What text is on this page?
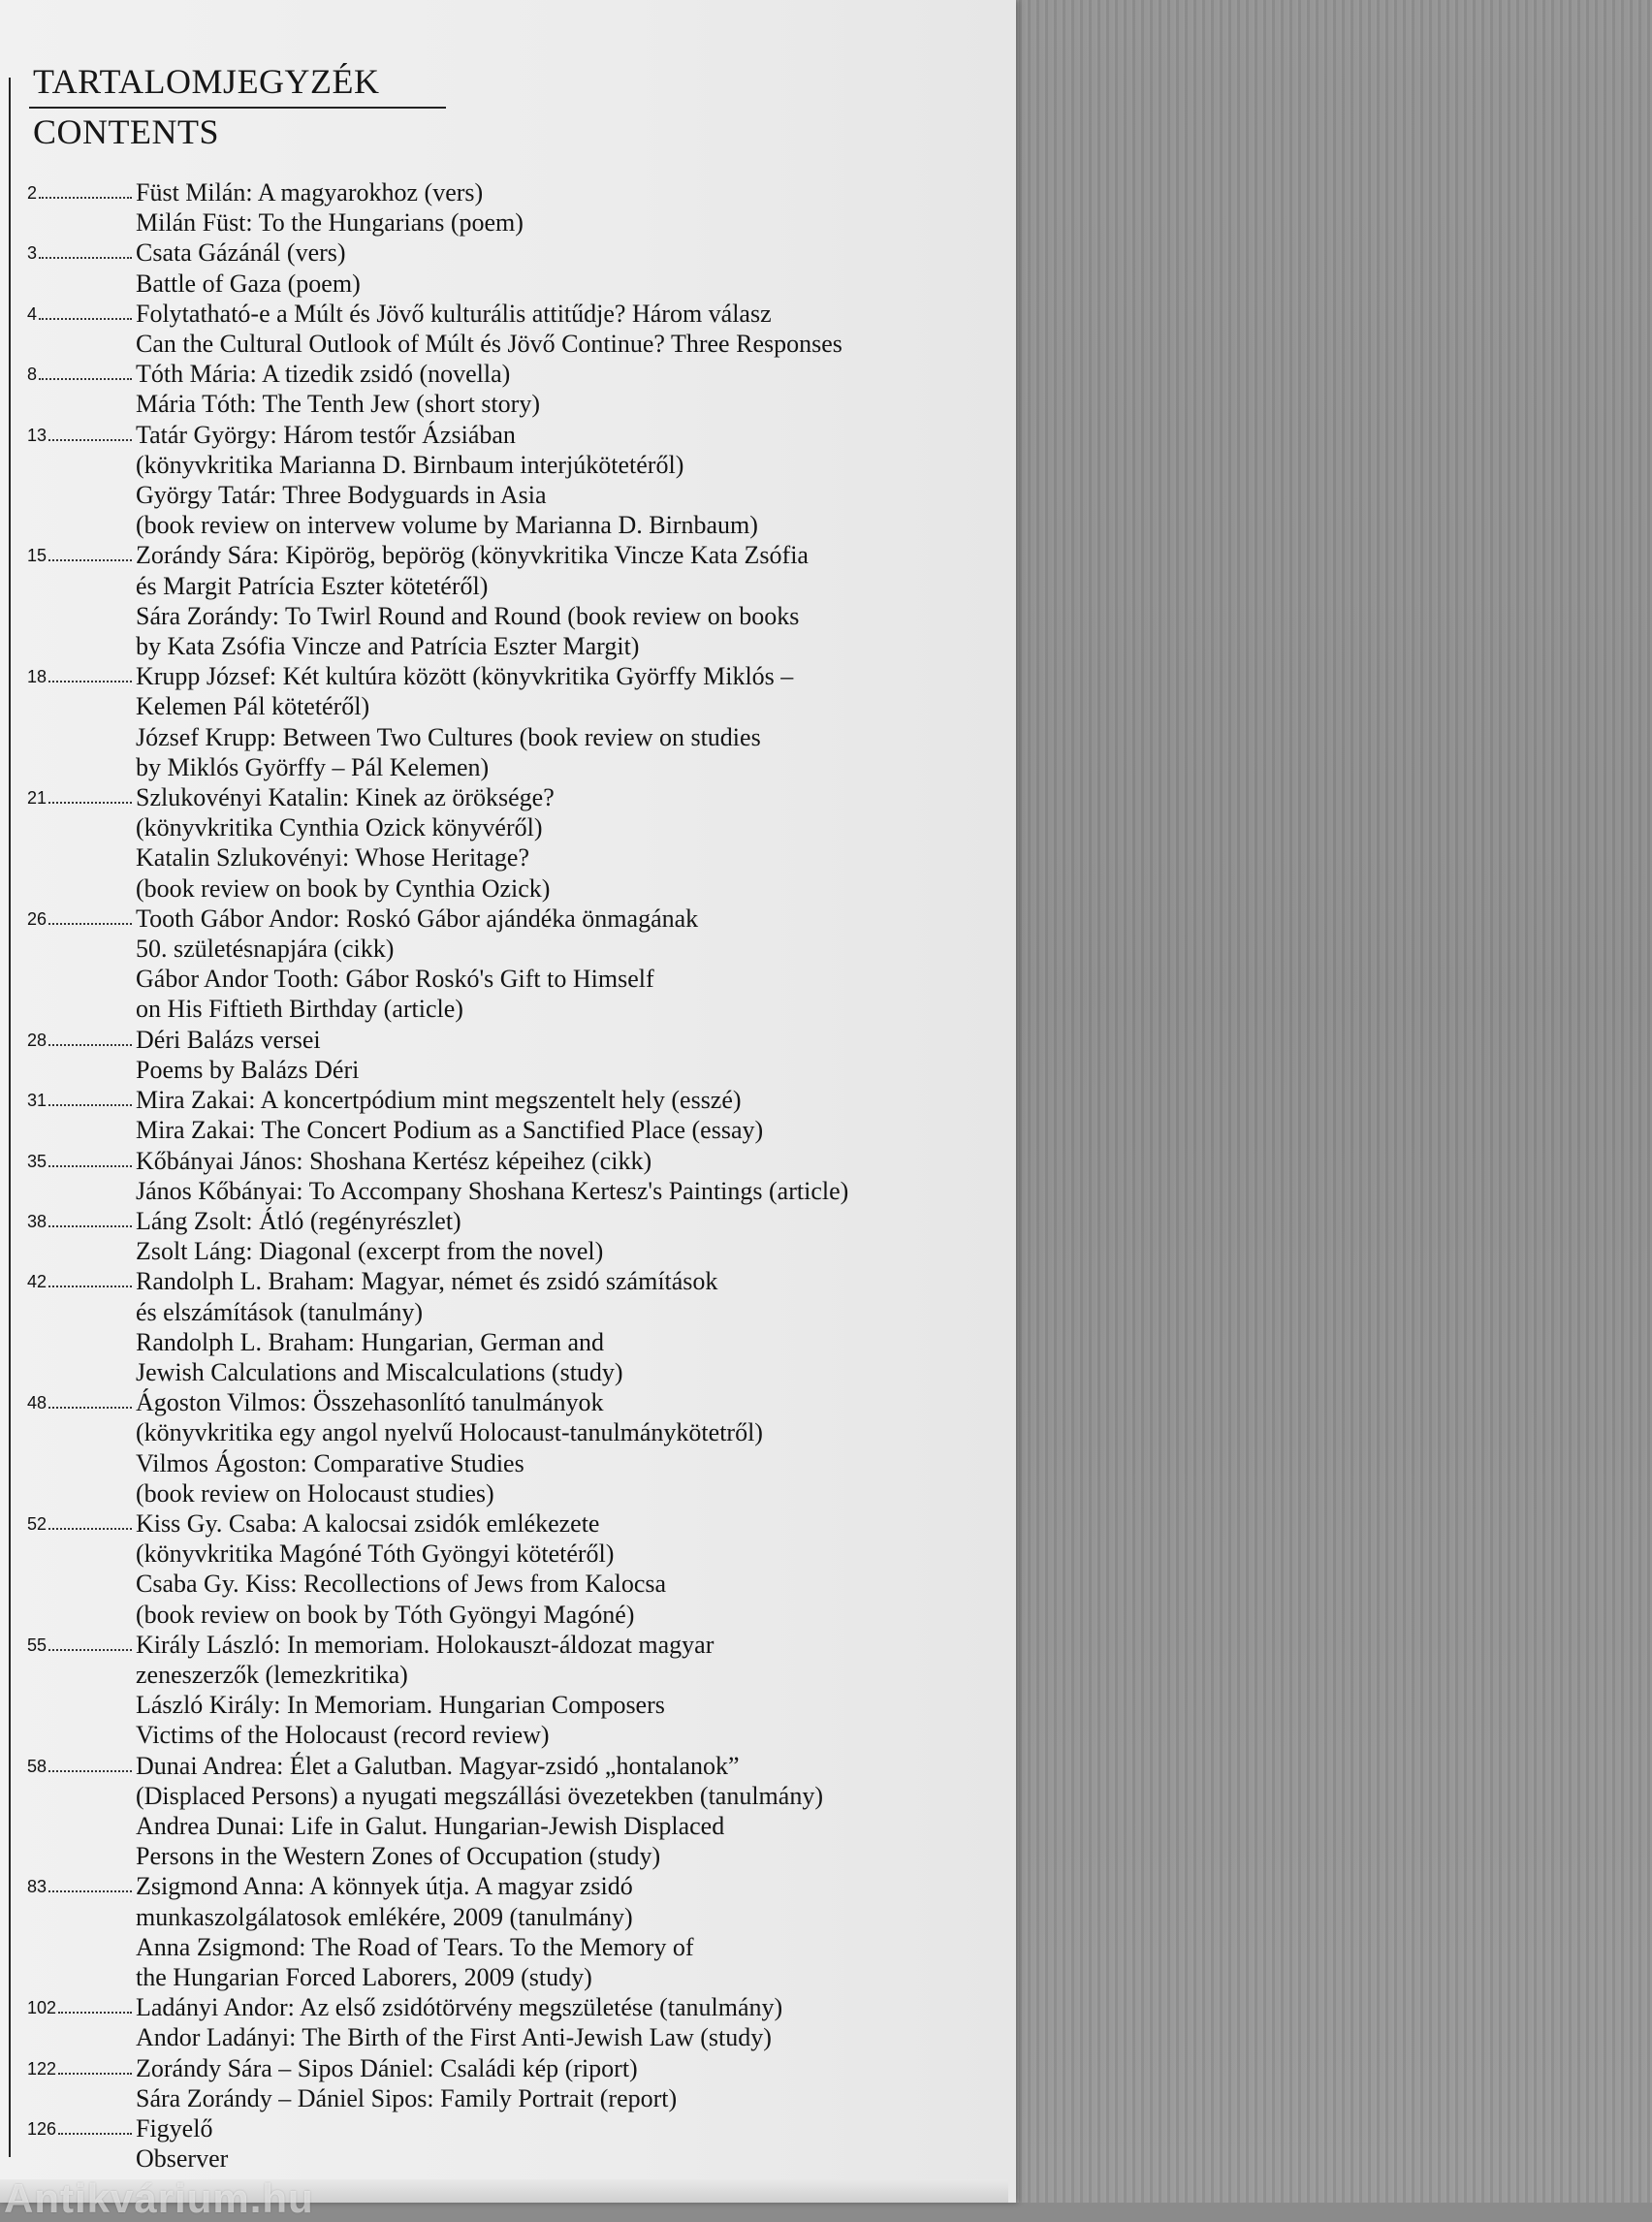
TARTALOMJEGYZÉK
CONTENTS
2	Füst Milán: A magyarokhoz (vers)
Milán Füst: To the Hungarians (poem)
3	Csata Gázánál (vers)
Battle of Gaza (poem)
4	Folytatható-e a Múlt és Jövő kulturális attitűdje? Három válasz
Can the Cultural Outlook of Múlt és Jövő Continue? Three Responses
8	Tóth Mária: A tizedik zsidó (novella)
Mária Tóth: The Tenth Jew (short story)
13	Tatár György: Három testőr Ázsiában
(könyvkritika Marianna D. Birnbaum interjúkötetéről)
György Tatár: Three Bodyguards in Asia
(book review on intervew volume by Marianna D. Birnbaum)
15	Zorándy Sára: Kipörög, bepörög (könyvkritika Vincze Kata Zsófia
és Margit Patrícia Eszter kötetéről)
Sára Zorándy: To Twirl Round and Round (book review on books
by Kata Zsófia Vincze and Patrícia Eszter Margit)
18	Krupp József: Két kultúra között (könyvkritika Györffy Miklós –
Kelemen Pál kötetéről)
József Krupp: Between Two Cultures (book review on studies
by Miklós Györffy – Pál Kelemen)
21	Szlukovényi Katalin: Kinek az öröksége?
(könyvkritika Cynthia Ozick könyvéről)
Katalin Szlukovényi: Whose Heritage?
(book review on book by Cynthia Ozick)
26	Tooth Gábor Andor: Roskó Gábor ajándéka önmagának
50. születésnapjára (cikk)
Gábor Andor Tooth: Gábor Roskó's Gift to Himself
on His Fiftieth Birthday (article)
28	Déri Balázs versei
Poems by Balázs Déri
31	Mira Zakai: A koncertpódium mint megszentelt hely (esszé)
Mira Zakai: The Concert Podium as a Sanctified Place (essay)
35	Kőbányai János: Shoshana Kertész képeihez (cikk)
János Kőbányai: To Accompany Shoshana Kertesz's Paintings (article)
38	Láng Zsolt: Átló (regényrészlet)
Zsolt Láng: Diagonal (excerpt from the novel)
42	Randolph L. Braham: Magyar, német és zsidó számítások
és elszámítások (tanulmány)
Randolph L. Braham: Hungarian, German and
Jewish Calculations and Miscalculations (study)
48	Ágoston Vilmos: Összehasonlító tanulmányok
(könyvkritika egy angol nyelvű Holocaust-tanulmánykötetről)
Vilmos Ágoston: Comparative Studies
(book review on Holocaust studies)
52	Kiss Gy. Csaba: A kalocsai zsidók emlékezete
(könyvkritika Magóné Tóth Gyöngyi kötetéről)
Csaba Gy. Kiss: Recollections of Jews from Kalocsa
(book review on book by Tóth Gyöngyi Magóné)
55	Király László: In memoriam. Holokauszt-áldozat magyar
zeneszerzők (lemezkritika)
László Király: In Memoriam. Hungarian Composers
Victims of the Holocaust (record review)
58	Dunai Andrea: Élet a Galutban. Magyar-zsidó „hontalanok”
(Displaced Persons) a nyugati megszállási övezetekben (tanulmány)
Andrea Dunai: Life in Galut. Hungarian-Jewish Displaced
Persons in the Western Zones of Occupation (study)
83	Zsigmond Anna: A könnyek útja. A magyar zsidó
munkaszolgálatosok emlékére, 2009 (tanulmány)
Anna Zsigmond: The Road of Tears. To the Memory of
the Hungarian Forced Laborers, 2009 (study)
102	Ladányi Andor: Az első zsidótörvény megszületése (tanulmány)
Andor Ladányi: The Birth of the First Anti-Jewish Law (study)
122	Zorándy Sára – Sipos Dániel: Családi kép (riport)
Sára Zorándy – Dániel Sipos: Family Portrait (report)
126	Figyelő
Observer
Antikvárium.hu
